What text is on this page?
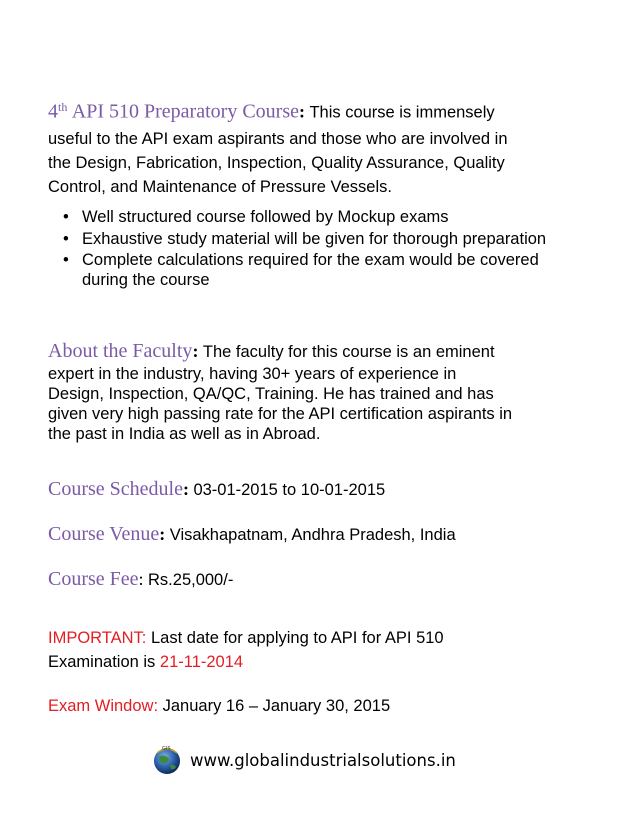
4th API 510 Preparatory Course: This course is immensely
useful to the API exam aspirants and those who are involved in
the Design, Fabrication, Inspection, Quality Assurance, Quality
Control, and Maintenance of Pressure Vessels.
• Well structured course followed by Mockup exams
• Exhaustive study material will be given for thorough preparation
• Complete calculations required for the exam would be covered during the course
About the Faculty: The faculty for this course is an eminent
expert in the industry, having 30+ years of experience in
Design, Inspection, QA/QC, Training. He has trained and has
given very high passing rate for the API certification aspirants in
the past in India as well as in Abroad.
Course Schedule: 03-01-2015 to 10-01-2015
Course Venue: Visakhapatnam, Andhra Pradesh, India
Course Fee: Rs.25,000/-
IMPORTANT: Last date for applying to API for API 510
Examination is 21-11-2014
Exam Window: January 16 – January 30, 2015
GIS
www.globalindustrialsolutions.in
